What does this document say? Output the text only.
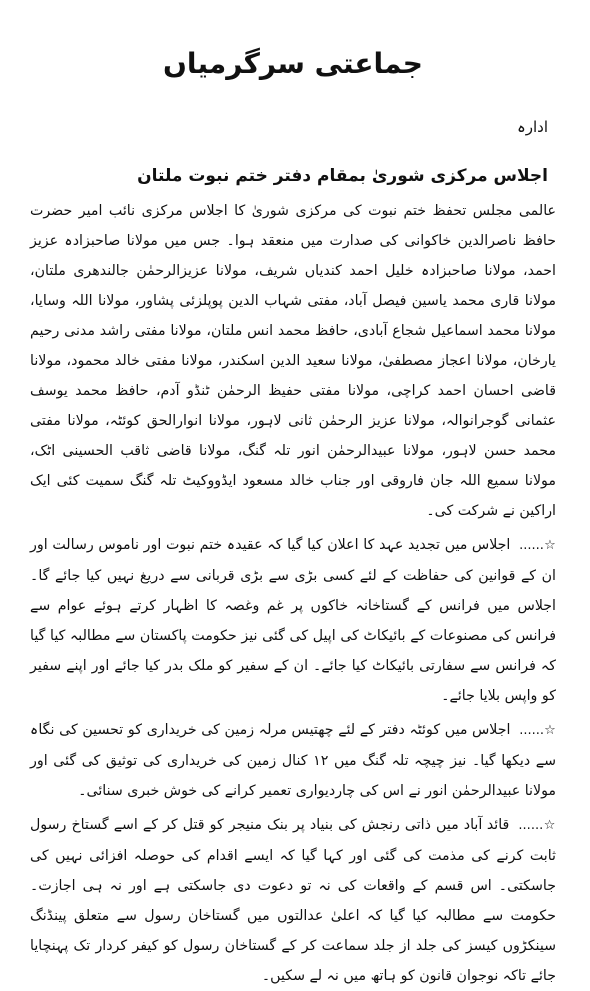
جماعتی سرگرمیاں
ادارہ
اجلاس مرکزی شوریٰ بمقام دفتر ختم نبوت ملتان

عالمی مجلس تحفظ ختم نبوت کی مرکزی شوریٰ کا اجلاس مرکزی نائب امیر حضرت حافظ ناصرالدین خاکوانی کی صدارت میں منعقد ہوا۔ جس میں مولانا صاحبزادہ عزیز احمد، مولانا صاحبزادہ خلیل احمد کندیاں شریف، مولانا عزیزالرحمٰن جالندھری ملتان، مولانا قاری محمد یاسین فیصل آباد، مفتی شہاب الدین پوپلزئی پشاور، مولانا اللہ وسایا، مولانا محمد اسماعیل شجاع آبادی، حافظ محمد انس ملتان، مولانا مفتی راشد مدنی رحیم یارخان، مولانا اعجاز مصطفیٰ، مولانا سعید الدین اسکندر، مولانا مفتی خالد محمود، مولانا قاضی احسان احمد کراچی، مولانا مفتی حفیظ الرحمٰن ٹنڈو آدم، حافظ محمد یوسف عثمانی گوجرانوالہ، مولانا عزیز الرحمٰن ثانی لاہور، مولانا انوارالحق کوئٹہ، مولانا مفتی محمد حسن لاہور، مولانا عبیدالرحمٰن انور تلہ گنگ، مولانا قاضی ثاقب الحسینی اٹک، مولانا سمیع اللہ جان فاروقی اور جناب خالد مسعود ایڈووکیٹ تلہ گنگ سمیت کئی ایک اراکین نے شرکت کی۔

☆...... اجلاس میں تجدید عہد کا اعلان کیا گیا کہ عقیدہ ختم نبوت اور ناموس رسالت اور ان کے قوانین کی حفاظت کے لئے کسی بڑی سے بڑی قربانی سے دریغ نہیں کیا جائے گا۔ اجلاس میں فرانس کے گستاخانہ خاکوں پر غم وغصہ کا اظہار کرتے ہوئے عوام سے فرانس کی مصنوعات کے بائیکاٹ کی اپیل کی گئی نیز حکومت پاکستان سے مطالبہ کیا گیا کہ فرانس سے سفارتی بائیکاٹ کیا جائے۔ ان کے سفیر کو ملک بدر کیا جائے اور اپنے سفیر کو واپس بلایا جائے۔

☆...... اجلاس میں کوئٹہ دفتر کے لئے چھتیس مرلہ زمین کی خریداری کو تحسین کی نگاہ سے دیکھا گیا۔ نیز چیچہ تلہ گنگ میں ۱۲ کنال زمین کی خریداری کی توثیق کی گئی اور مولانا عبیدالرحمٰن انور نے اس کی چاردیواری تعمیر کرانے کی خوش خبری سنائی۔

☆...... قائد آباد میں ذاتی رنجش کی بنیاد پر بنک منیجر کو قتل کر کے اسے گستاخ رسول ثابت کرنے کی مذمت کی گئی اور کہا گیا کہ ایسے اقدام کی حوصلہ افزائی نہیں کی جاسکتی۔ اس قسم کے واقعات کی نہ تو دعوت دی جاسکتی ہے اور نہ ہی اجازت۔ حکومت سے مطالبہ کیا گیا کہ اعلیٰ عدالتوں میں گستاخان رسول سے متعلق پینڈنگ سینکڑوں کیسز کی جلد از جلد سماعت کر کے گستاخان رسول کو کیفر کردار تک پہنچایا جائے تاکہ نوجوان قانون کو ہاتھ میں نہ لے سکیں۔
